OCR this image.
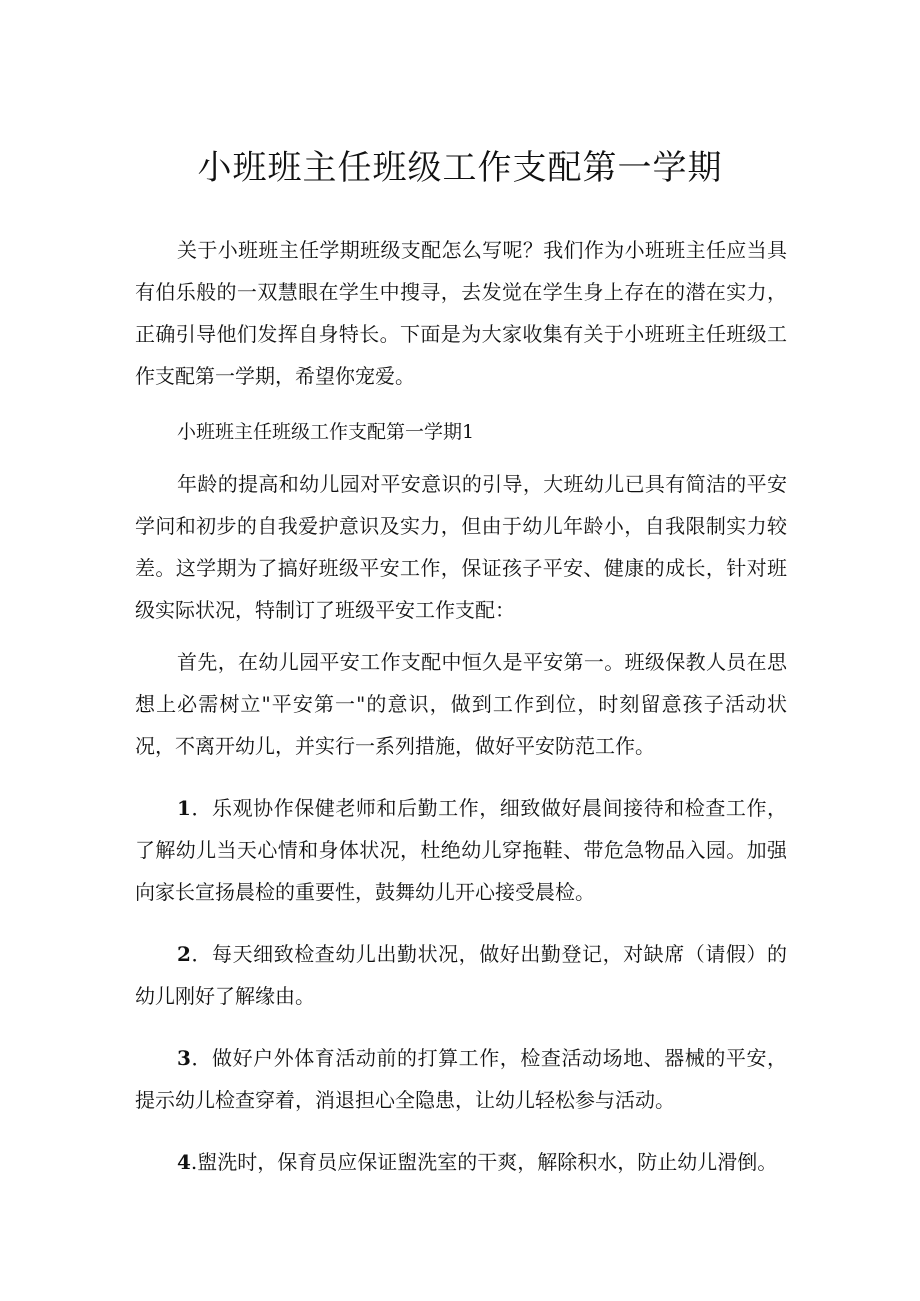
小班班主任班级工作支配第一学期

关于小班班主任学期班级支配怎么写呢？我们作为小班班主任应当具有伯乐般的一双慧眼在学生中搜寻，去发觉在学生身上存在的潜在实力，正确引导他们发挥自身特长。下面是为大家收集有关于小班班主任班级工作支配第一学期，希望你宠爱。

小班班主任班级工作支配第一学期1

年龄的提高和幼儿园对平安意识的引导，大班幼儿已具有简洁的平安学问和初步的自我爱护意识及实力，但由于幼儿年龄小，自我限制实力较差。这学期为了搞好班级平安工作，保证孩子平安、健康的成长，针对班级实际状况，特制订了班级平安工作支配：

首先，在幼儿园平安工作支配中恒久是平安第一。班级保教人员在思想上必需树立"平安第一"的意识，做到工作到位，时刻留意孩子活动状况，不离开幼儿，并实行一系列措施，做好平安防范工作。

1．乐观协作保健老师和后勤工作，细致做好晨间接待和检查工作，了解幼儿当天心情和身体状况，杜绝幼儿穿拖鞋、带危急物品入园。加强向家长宣扬晨检的重要性，鼓舞幼儿开心接受晨检。

2．每天细致检查幼儿出勤状况，做好出勤登记，对缺席（请假）的幼儿刚好了解缘由。

3．做好户外体育活动前的打算工作，检查活动场地、器械的平安，提示幼儿检查穿着，消退担心全隐患，让幼儿轻松参与活动。

4.盥洗时，保育员应保证盥洗室的干爽，解除积水，防止幼儿滑倒。
